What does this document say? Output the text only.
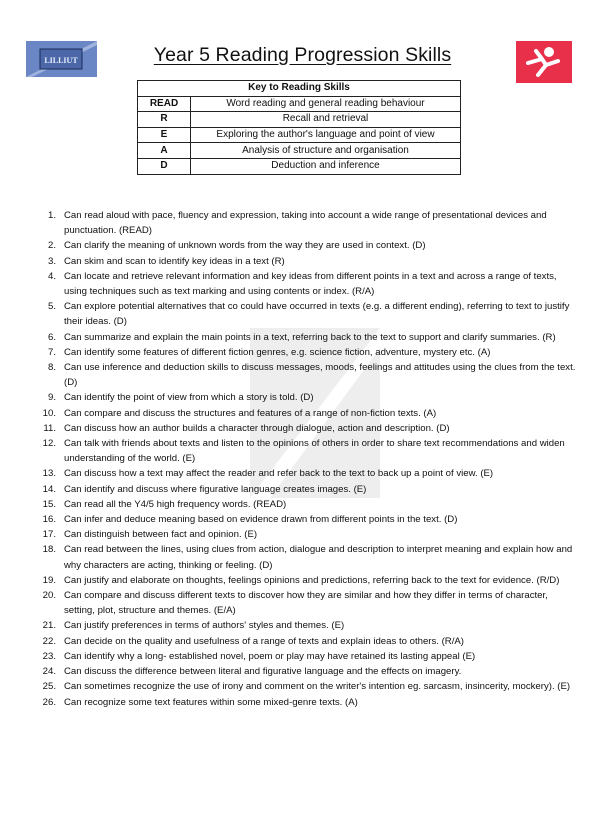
LILLIUT	Year 5 Reading Progression Skills
Key to Reading Skills	
READ	Word reading and general reading behaviour
R	Recall and retrieval
E	Exploring the author's language and point of view
A	Analysis of structure and organisation
D	Deduction and inference
1. Can read aloud with pace, fluency and expression, taking into account a wide range of presentational devices and punctuation. (READ)
2. Can clarify the meaning of unknown words from the way they are used in context. (D)
3. Can skim and scan to identify key ideas in a text (R)
4. Can locate and retrieve relevant information and key ideas from different points in a text and across a range of texts, using techniques such as text marking and using contents or index. (R/A)
5. Can explore potential alternatives that co could have occurred in texts (e.g. a different ending), referring to text to justify their ideas. (D)
6. Can summarize and explain the main points in a text, referring back to the text to support and clarify summaries. (R)
7. Can identify some features of different fiction genres, e.g. science fiction, adventure, mystery etc. (A)
8. Can use inference and deduction skills to discuss messages, moods, feelings and attitudes using the clues from the text. (D)
9. Can identify the point of view from which a story is told. (D)
10. Can compare and discuss the structures and features of a range of non-fiction texts. (A)
11. Can discuss how an author builds a character through dialogue, action and description. (D)
12. Can talk with friends about texts and listen to the opinions of others in order to share text recommendations and widen understanding of the world. (E)
13. Can discuss how a text may affect the reader and refer back to the text to back up a point of view. (E)
14. Can identify and discuss where figurative language creates images. (E)
15. Can read all the Y4/5 high frequency words. (READ)
16. Can infer and deduce meaning based on evidence drawn from different points in the text. (D)
17. Can distinguish between fact and opinion. (E)
18. Can read between the lines, using clues from action, dialogue and description to interpret meaning and explain how and why characters are acting, thinking or feeling. (D)
19. Can justify and elaborate on thoughts, feelings opinions and predictions, referring back to the text for evidence. (R/D)
20. Can compare and discuss different texts to discover how they are similar and how they differ in terms of character, setting, plot, structure and themes. (E/A)
21. Can justify preferences in terms of authors' styles and themes. (E)
22. Can decide on the quality and usefulness of a range of texts and explain ideas to others. (R/A)
23. Can identify why a long- established novel, poem or play may have retained its lasting appeal (E)
24. Can discuss the difference between literal and figurative language and the effects on imagery.
25. Can sometimes recognize the use of irony and comment on the writer's intention eg. sarcasm, insincerity, mockery). (E)
26. Can recognize some text features within some mixed-genre texts. (A)
